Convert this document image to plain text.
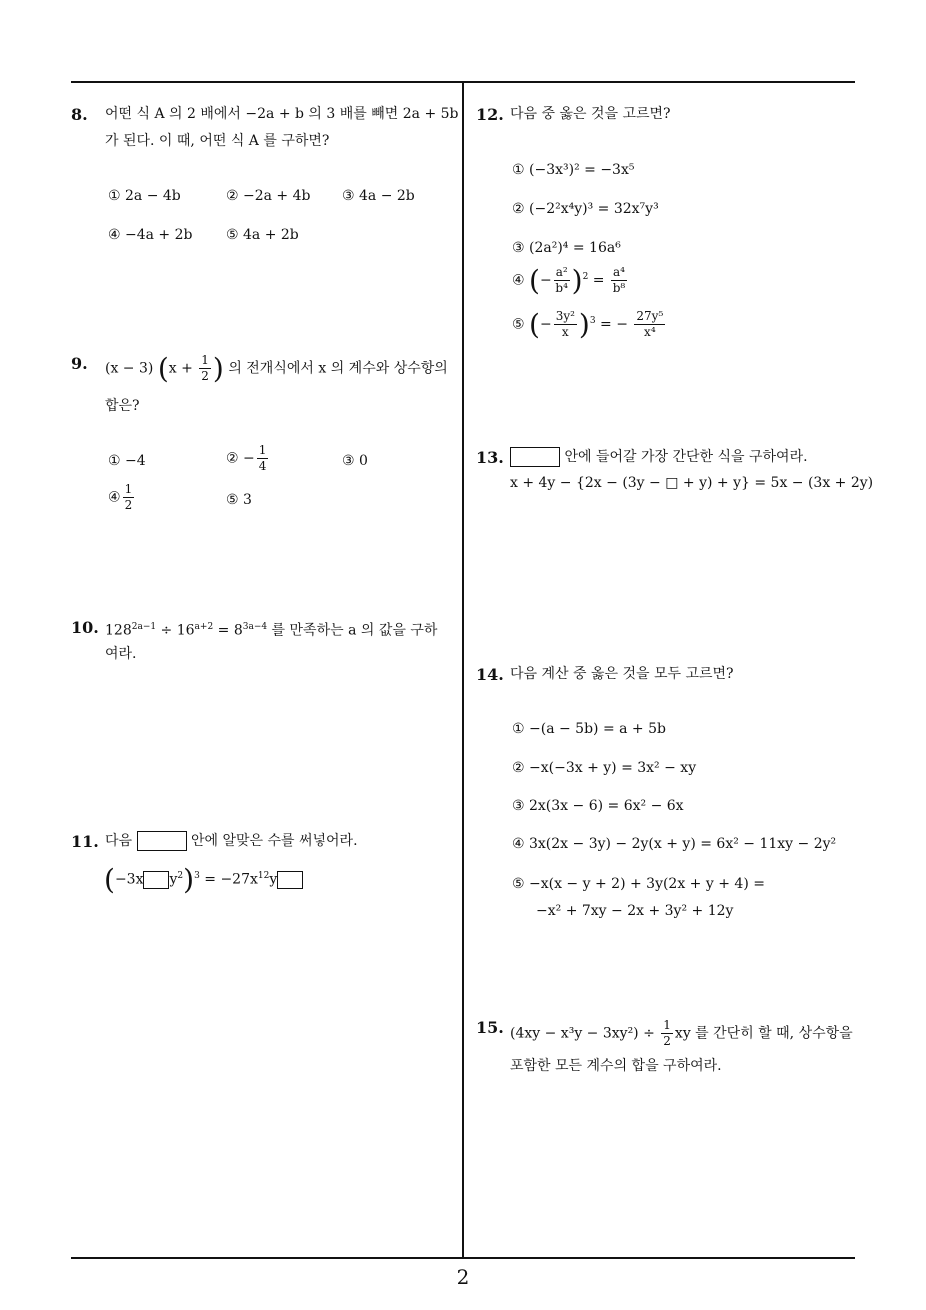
2
8. 어떤 식 A 의 2 배에서 −2a + b 의 3 배를 빼면 2a + 5b
가 된다. 이 때, 어떤 식 A 를 구하면?
① 2a − 4b	② −2a + 4b ③ 4a − 2b
④ −4a + 2b ⑤ 4a + 2b
9. (x − 3) ($x + \frac{1}{2}$ ) 의 전개식에서 x 의 계수와 상수항의
합은?
① −4	② − $\frac{1}{4}$	③ 0
④ $\frac{1}{2}$	⑤ 3
10. $128^{2a-1} \div 16^{a+2} = 8^{3a-4}$ 를 만족하는 a 의 값을 구하
여라.
11. 다음	안에 알맞은 수를 써넣어라.
(−3x $y^2)^3 = -27x^{12}y$
12. 다음 중 옳은 것을 고르면?
① (−3x³)² = −3x⁵
② (−2²x⁴y)³ = 32x⁷y³
③ (2a²)⁴ = 16a⁶
④ (− $\frac{\text{a²}}{\text{b⁴}} )^2 = \frac{\text{a⁴}}{\text{b⁸}}$
⑤ (− $\frac{\text{3y²}}{x} )^3$ = − $\frac{\text{27y⁵}}{\text{x⁴}}$
13.	안에 들어갈 가장 간단한 식을 구하여라.
x + 4y − {2x − (3y − □ + y) + y} = 5x − (3x + 2y)
14. 다음 계산 중 옳은 것을 모두 고르면?
① −(a − 5b) = a + 5b
② −x(−3x + y) = 3x² − xy
③ 2x(3x − 6) = 6x² − 6x
④ 3x(2x − 3y) − 2y(x + y) = 6x² − 11xy − 2y²
⑤ −x(x − y + 2) + 3y(2x + y + 4) =
−x² + 7xy − 2x + 3y² + 12y
15. $(4xy - x^3y - 3xy^2) \div \frac{1}{2}$ xy 를 간단히 할 때, 상수항을
포함한 모든 계수의 합을 구하여라.
